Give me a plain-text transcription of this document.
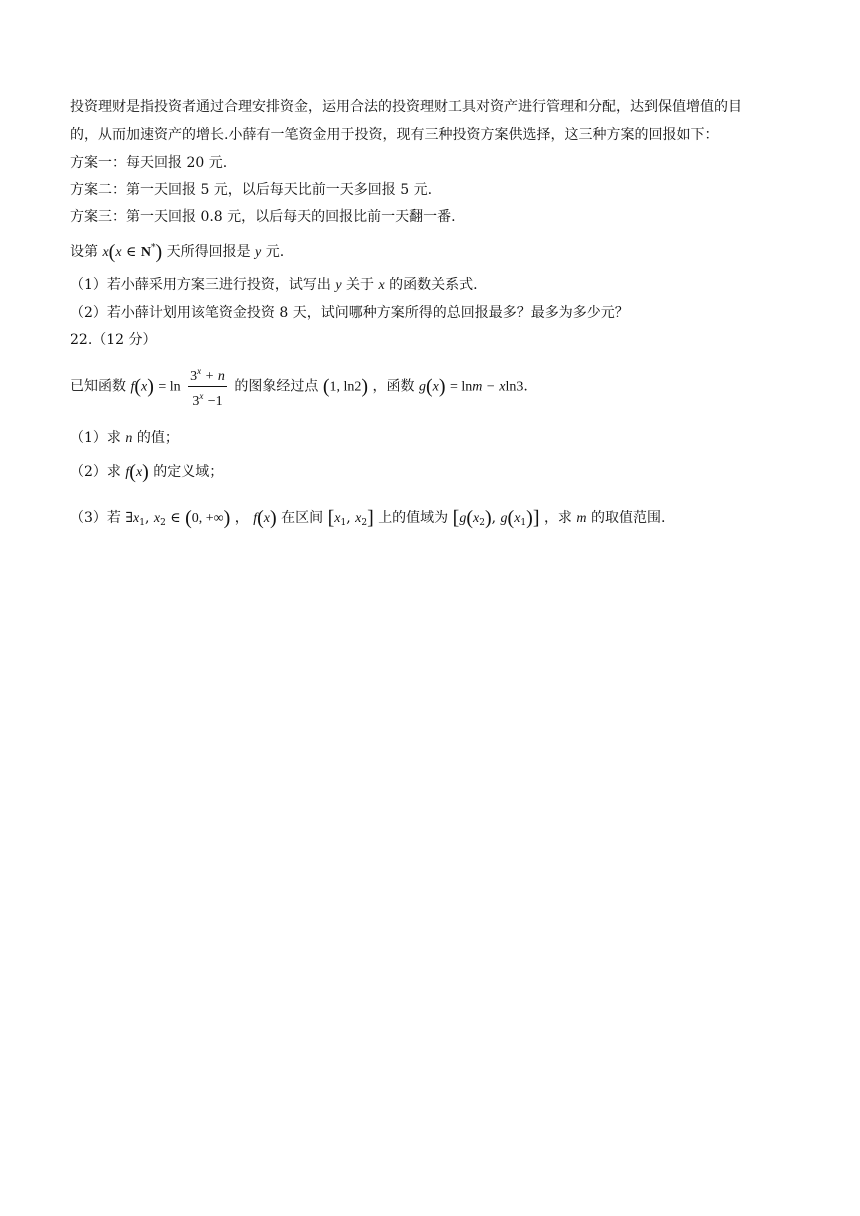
投资理财是指投资者通过合理安排资金，运用合法的投资理财工具对资产进行管理和分配，达到保值增值的目
的，从而加速资产的增长.小薛有一笔资金用于投资，现有三种投资方案供选择，这三种方案的回报如下：
方案一：每天回报 20 元.
方案二：第一天回报 5 元，以后每天比前一天多回报 5 元.
方案三：第一天回报 0.8 元，以后每天的回报比前一天翻一番.
设第 x(x ∈ N*) 天所得回报是 y 元.
（1）若小薛采用方案三进行投资，试写出 y 关于 x 的函数关系式.
（2）若小薛计划用该笔资金投资 8 天，试问哪种方案所得的总回报最多？最多为多少元？
22.（12 分）
已知函数 $f(x) = \ln \frac{3^x + n}{3^x -1}$ 的图象经过点 (1, ln2) ，函数 g(x) = lnm − xln3.
（1）求 n 的值；
（2）求 f(x) 的定义域；
（3）若 $\exists x_1$, $x_2$ ∈ (0, +∞) ， f(x) 在区间 [$x_1$, $x_2$] 上的值域为 [$g(x_2)$, $g(x_1)$] ，求 m 的取值范围.
